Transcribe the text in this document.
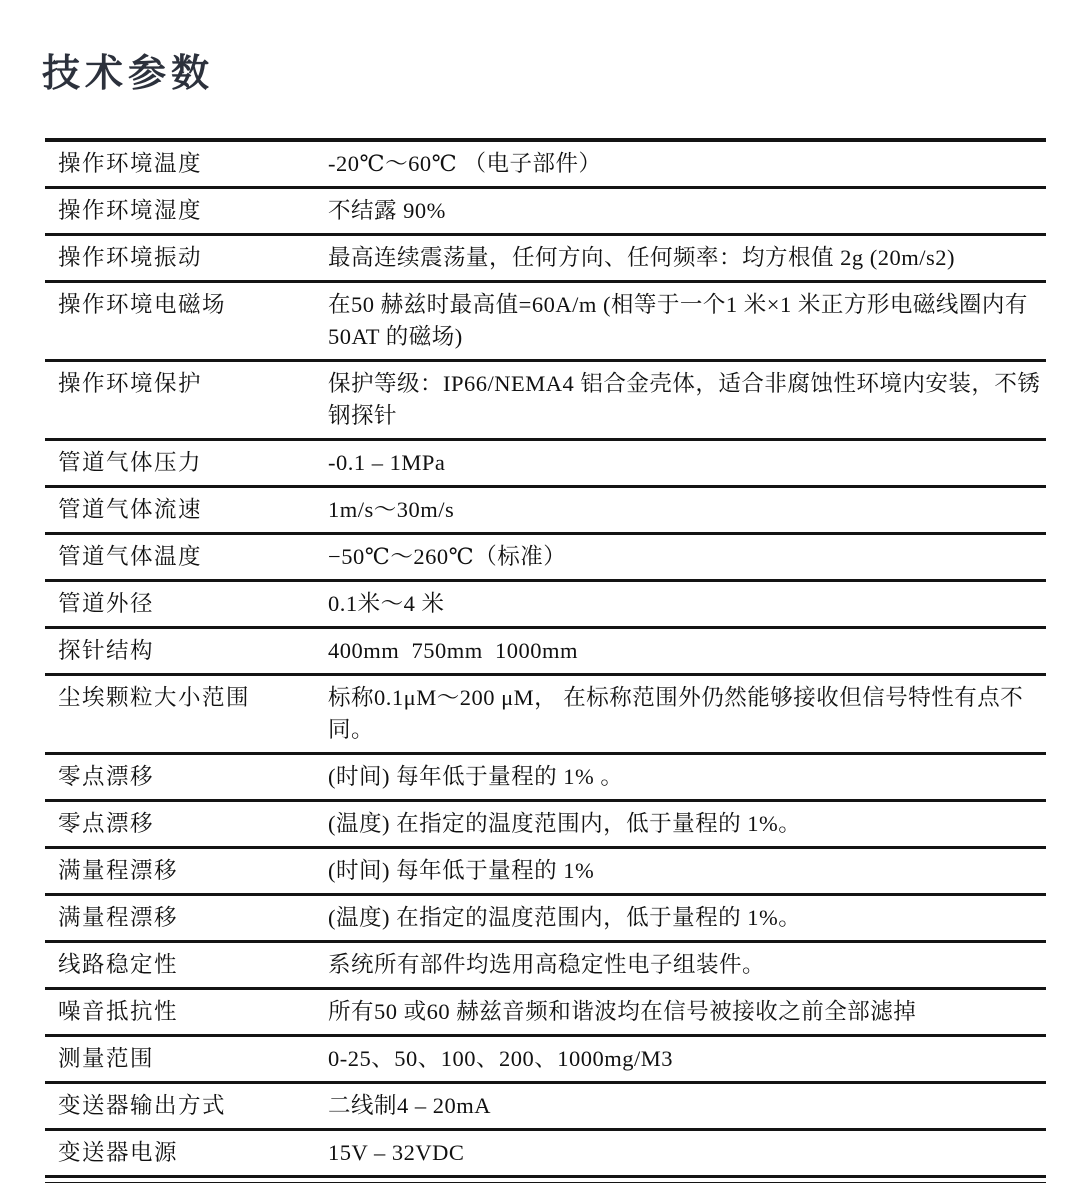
技术参数
操作环境温度	-20℃～60℃ （电子部件）
操作环境湿度	不结露 90%
操作环境振动	最高连续震荡量，任何方向、任何频率：均方根值 2g (20m/s2)
操作环境电磁场	在50 赫兹时最高值=60A/m (相等于一个1 米×1 米正方形电磁线圈内有50AT 的磁场)
操作环境保护	保护等级：IP66/NEMA4 铝合金壳体，适合非腐蚀性环境内安装，不锈钢探针
管道气体压力	-0.1 – 1MPa
管道气体流速	1m/s～30m/s
管道气体温度	−50℃～260℃（标准）
管道外径	0.1米～4 米
探针结构	400mm  750mm  1000mm
尘埃颗粒大小范围	标称0.1μM～200 μM， 在标称范围外仍然能够接收但信号特性有点不同。
零点漂移	(时间) 每年低于量程的 1% 。
零点漂移	(温度) 在指定的温度范围内，低于量程的 1%。
满量程漂移	(时间) 每年低于量程的 1%
满量程漂移	(温度) 在指定的温度范围内，低于量程的 1%。
线路稳定性	系统所有部件均选用高稳定性电子组装件。
噪音抵抗性	所有50 或60 赫兹音频和谐波均在信号被接收之前全部滤掉
测量范围	0-25、50、100、200、1000mg/M3
变送器输出方式	二线制4 – 20mA
变送器电源	15V – 32VDC
